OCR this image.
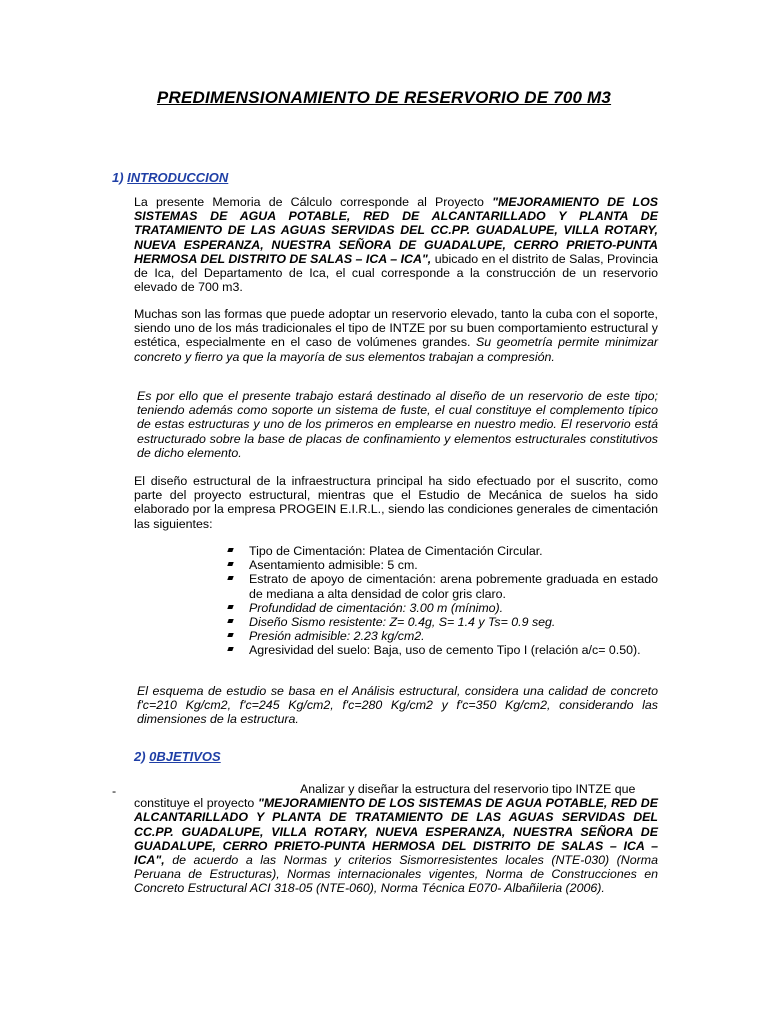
PREDIMENSIONAMIENTO DE RESERVORIO DE 700 M3
1) INTRODUCCION

La presente Memoria de Cálculo corresponde al Proyecto "MEJORAMIENTO DE LOS SISTEMAS DE AGUA POTABLE, RED DE ALCANTARILLADO Y PLANTA DE TRATAMIENTO DE LAS AGUAS SERVIDAS DEL CC.PP. GUADALUPE, VILLA ROTARY, NUEVA ESPERANZA, NUESTRA SEÑORA DE GUADALUPE, CERRO PRIETO-PUNTA HERMOSA DEL DISTRITO DE SALAS – ICA – ICA", ubicado en el distrito de Salas, Provincia de Ica, del Departamento de Ica, el cual corresponde a la construcción de un reservorio elevado de 700 m3.

Muchas son las formas que puede adoptar un reservorio elevado, tanto la cuba con el soporte, siendo uno de los más tradicionales el tipo de INTZE por su buen comportamiento estructural y estética, especialmente en el caso de volúmenes grandes. Su geometría permite minimizar concreto y fierro ya que la mayoría de sus elementos trabajan a compresión.

Es por ello que el presente trabajo estará destinado al diseño de un reservorio de este tipo; teniendo además como soporte un sistema de fuste, el cual constituye el complemento típico de estas estructuras y uno de los primeros en emplearse en nuestro medio. El reservorio está estructurado sobre la base de placas de confinamiento y elementos estructurales constitutivos de dicho elemento.

El diseño estructural de la infraestructura principal ha sido efectuado por el suscrito, como parte del proyecto estructural, mientras que el Estudio de Mecánica de suelos ha sido elaborado por la empresa PROGEIN E.I.R.L., siendo las condiciones generales de cimentación las siguientes:

Tipo de Cimentación: Platea de Cimentación Circular.
Asentamiento admisible: 5 cm.
Estrato de apoyo de cimentación: arena pobremente graduada en estado de mediana a alta densidad de color gris claro.
Profundidad de cimentación: 3.00 m (mínimo).
Diseño Sismo resistente: Z= 0.4g, S= 1.4 y Ts= 0.9 seg.
Presión admisible: 2.23 kg/cm2.
Agresividad del suelo: Baja, uso de cemento Tipo I (relación a/c= 0.50).

El esquema de estudio se basa en el Análisis estructural, considera una calidad de concreto f'c=210 Kg/cm2, f'c=245 Kg/cm2, f'c=280 Kg/cm2 y f'c=350 Kg/cm2, considerando las dimensiones de la estructura.

2) 0BJETIVOS
-	Analizar y diseñar la estructura del reservorio tipo INTZE que
constituye el proyecto "MEJORAMIENTO DE LOS SISTEMAS DE AGUA POTABLE, RED DE ALCANTARILLADO Y PLANTA DE TRATAMIENTO DE LAS AGUAS SERVIDAS DEL CC.PP. GUADALUPE, VILLA ROTARY, NUEVA ESPERANZA, NUESTRA SEÑORA DE GUADALUPE, CERRO PRIETO-PUNTA HERMOSA DEL DISTRITO DE SALAS – ICA – ICA", de acuerdo a las Normas y criterios Sismorresistentes locales (NTE-030) (Norma Peruana de Estructuras), Normas internacionales vigentes, Norma de Construcciones en Concreto Estructural ACI 318-05 (NTE-060), Norma Técnica E070- Albañileria (2006).
